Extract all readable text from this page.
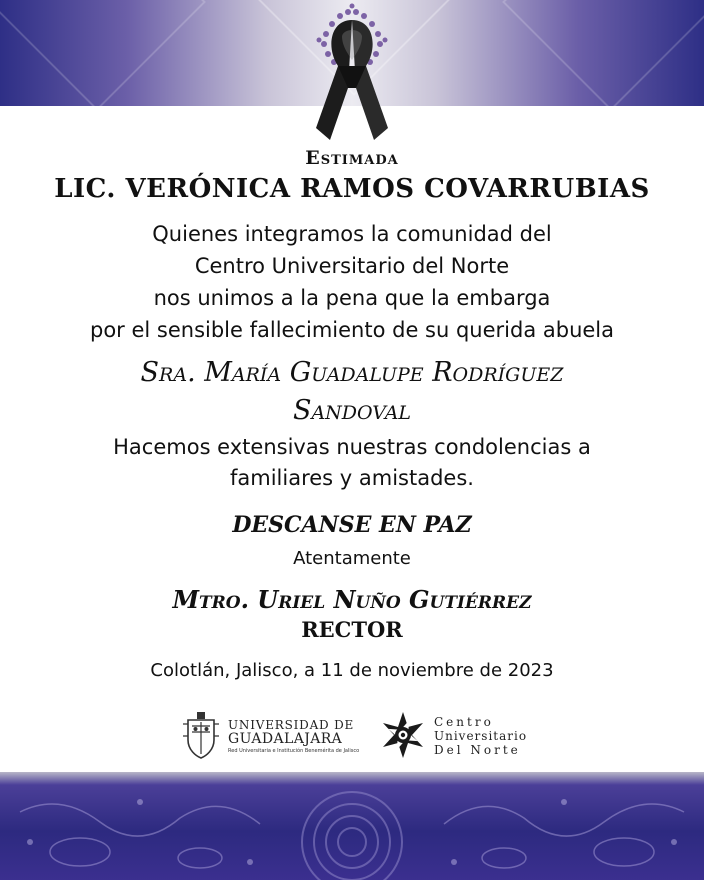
Estimada
LIC. VERÓNICA RAMOS COVARRUBIAS
Quienes integramos la comunidad del
Centro Universitario del Norte
nos unimos a la pena que la embarga
por el sensible fallecimiento de su querida abuela
Sra. María Guadalupe Rodríguez
Sandoval
Hacemos extensivas nuestras condolencias a
familiares y amistades.
DESCANSE EN PAZ
Atentamente
Mtro. Uriel Nuño Gutiérrez
RECTOR
Colotlán, Jalisco, a 11 de noviembre de 2023
UNIVERSIDAD DE
GUADALAJARA
Red Universitaria e Institución Benemérita de Jalisco
Centro
Universitario
Del Norte
